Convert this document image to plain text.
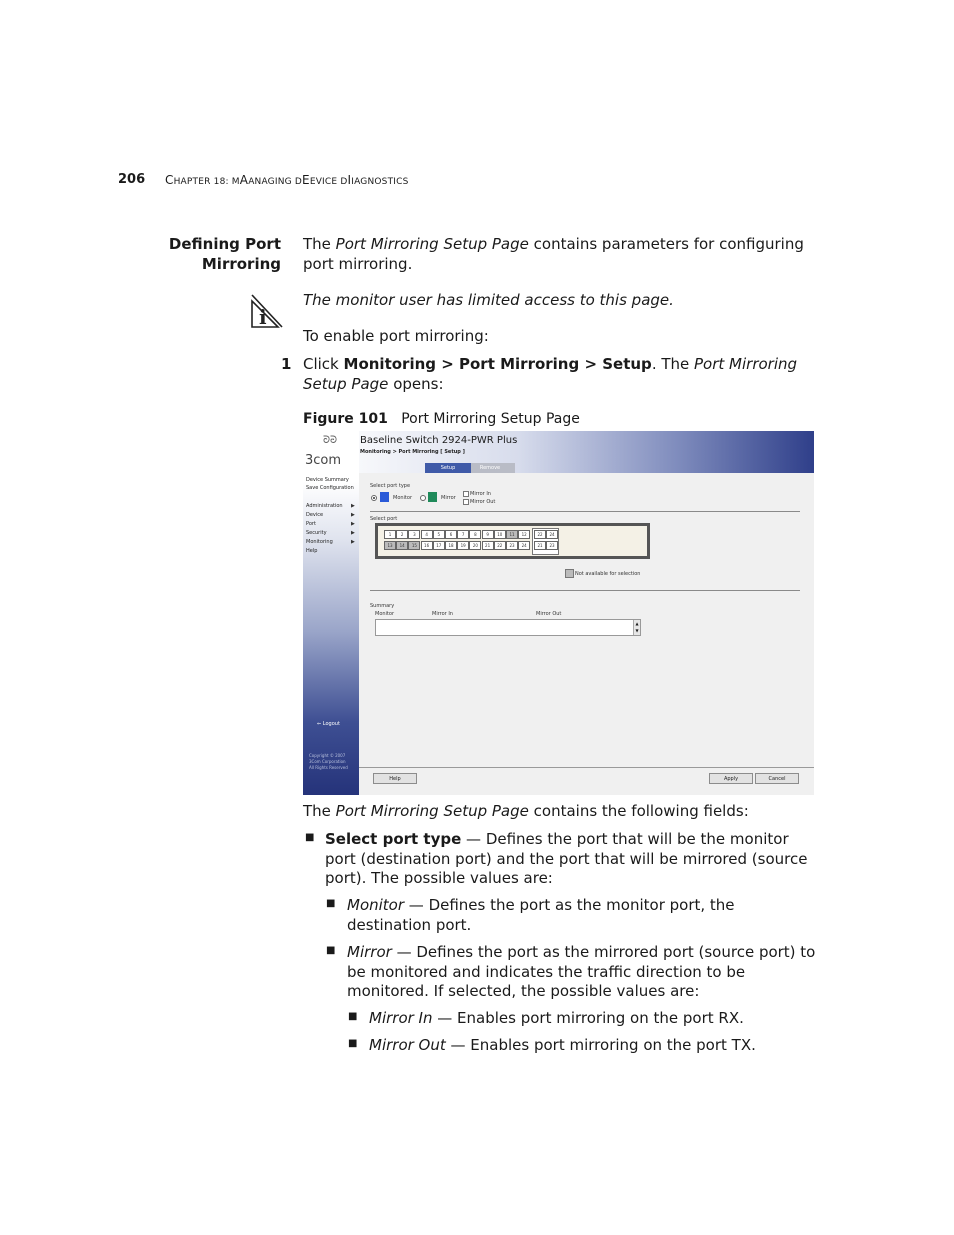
206 CHAPTER 18: MAANAGING DEEVICE DIIAGNOSTICS
Defining Port
Mirroring
The Port Mirroring Setup Page contains parameters for configuring port mirroring.
i
The monitor user has limited access to this page.
To enable port mirroring:
1 Click Monitoring > Port Mirroring > Setup. The Port Mirroring Setup Page opens:
Figure 101 Port Mirroring Setup Page
ᘐᘒ
3com
Device Summary
Save Configuration
Administration ▶
Device	▶
Port	▶
Security	▶
Monitoring	▶
Help
⇐ Logout
Copyright © 2007
3Com Corporation
All Rights Reserved
Baseline Switch 2924-PWR Plus
Monitoring > Port Mirroring [ Setup ]
Remove
Setup
Select port type
Monitor	Mirror
Mirror In
Mirror Out
Select port
1	2	3	4	5	6	7	8	9	10	11	12
13	14	15	16	17	18	19	20	21	22	23	24
22	24
21	23
Not available for selection
Summary
Monitor	Mirror In	Mirror Out
▲
▼
Help	Apply	Cancel
The Port Mirroring Setup Page contains the following fields:
■ Select port type — Defines the port that will be the monitor port (destination port) and the port that will be mirrored (source port). The possible values are:
■ Monitor — Defines the port as the monitor port, the destination port.
■ Mirror — Defines the port as the mirrored port (source port) to be monitored and indicates the traffic direction to be monitored. If selected, the possible values are:
■ Mirror In — Enables port mirroring on the port RX.
■ Mirror Out — Enables port mirroring on the port TX.
